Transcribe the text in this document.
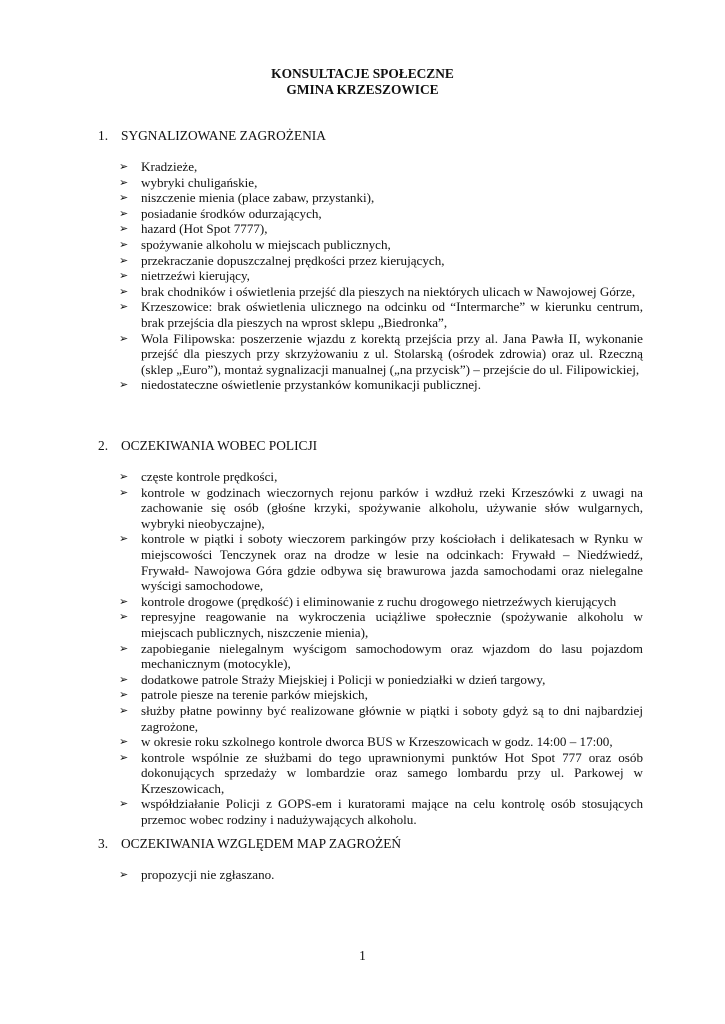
KONSULTACJE SPOŁECZNE
GMINA KRZESZOWICE
1. SYGNALIZOWANE ZAGROŻENIA
➢ Kradzieże,
➢ wybryki chuligańskie,
➢ niszczenie mienia (place zabaw, przystanki),
➢ posiadanie środków odurzających,
➢ hazard (Hot Spot 7777),
➢ spożywanie alkoholu w miejscach publicznych,
➢ przekraczanie dopuszczalnej prędkości przez kierujących,
➢ nietrzeźwi kierujący,
➢ brak chodników i oświetlenia przejść dla pieszych na niektórych ulicach w Nawojowej Górze,
➢ Krzeszowice: brak oświetlenia ulicznego na odcinku od “Intermarche” w kierunku centrum, brak przejścia dla pieszych na wprost sklepu „Biedronka”,
➢ Wola Filipowska: poszerzenie wjazdu z korektą przejścia przy al. Jana Pawła II, wykonanie przejść dla pieszych przy skrzyżowaniu z ul. Stolarską (ośrodek zdrowia) oraz ul. Rzeczną (sklep „Euro”), montaż sygnalizacji manualnej („na przycisk”) – przejście do ul. Filipowickiej,
➢ niedostateczne oświetlenie przystanków komunikacji publicznej.
2. OCZEKIWANIA WOBEC POLICJI
➢ częste kontrole prędkości,
➢ kontrole w godzinach wieczornych rejonu parków i wzdłuż rzeki Krzeszówki z uwagi na zachowanie się osób (głośne krzyki, spożywanie alkoholu, używanie słów wulgarnych, wybryki nieobyczajne),
➢ kontrole w piątki i soboty wieczorem parkingów przy kościołach i delikatesach w Rynku w miejscowości Tenczynek oraz na drodze w lesie na odcinkach: Frywałd – Niedźwiedź, Frywałd- Nawojowa Góra gdzie odbywa się brawurowa jazda samochodami oraz nielegalne wyścigi samochodowe,
➢ kontrole drogowe (prędkość) i eliminowanie z ruchu drogowego nietrzeźwych kierujących
➢ represyjne reagowanie na wykroczenia uciążliwe społecznie (spożywanie alkoholu w miejscach publicznych, niszczenie mienia),
➢ zapobieganie nielegalnym wyścigom samochodowym oraz wjazdom do lasu pojazdom mechanicznym (motocykle),
➢ dodatkowe patrole Straży Miejskiej i Policji w poniedziałki w dzień targowy,
➢ patrole piesze na terenie parków miejskich,
➢ służby płatne powinny być realizowane głównie w piątki i soboty gdyż są to dni najbardziej zagrożone,
➢ w okresie roku szkolnego kontrole dworca BUS w Krzeszowicach w godz. 14:00 – 17:00,
➢ kontrole wspólnie ze służbami do tego uprawnionymi punktów Hot Spot 777 oraz osób dokonujących sprzedaży w lombardzie oraz samego lombardu przy ul. Parkowej w Krzeszowicach,
➢ współdziałanie Policji z GOPS-em i kuratorami mające na celu kontrolę osób stosujących przemoc wobec rodziny i nadużywających alkoholu.
3. OCZEKIWANIA WZGLĘDEM MAP ZAGROŻEŃ
➢ propozycji nie zgłaszano.
1
